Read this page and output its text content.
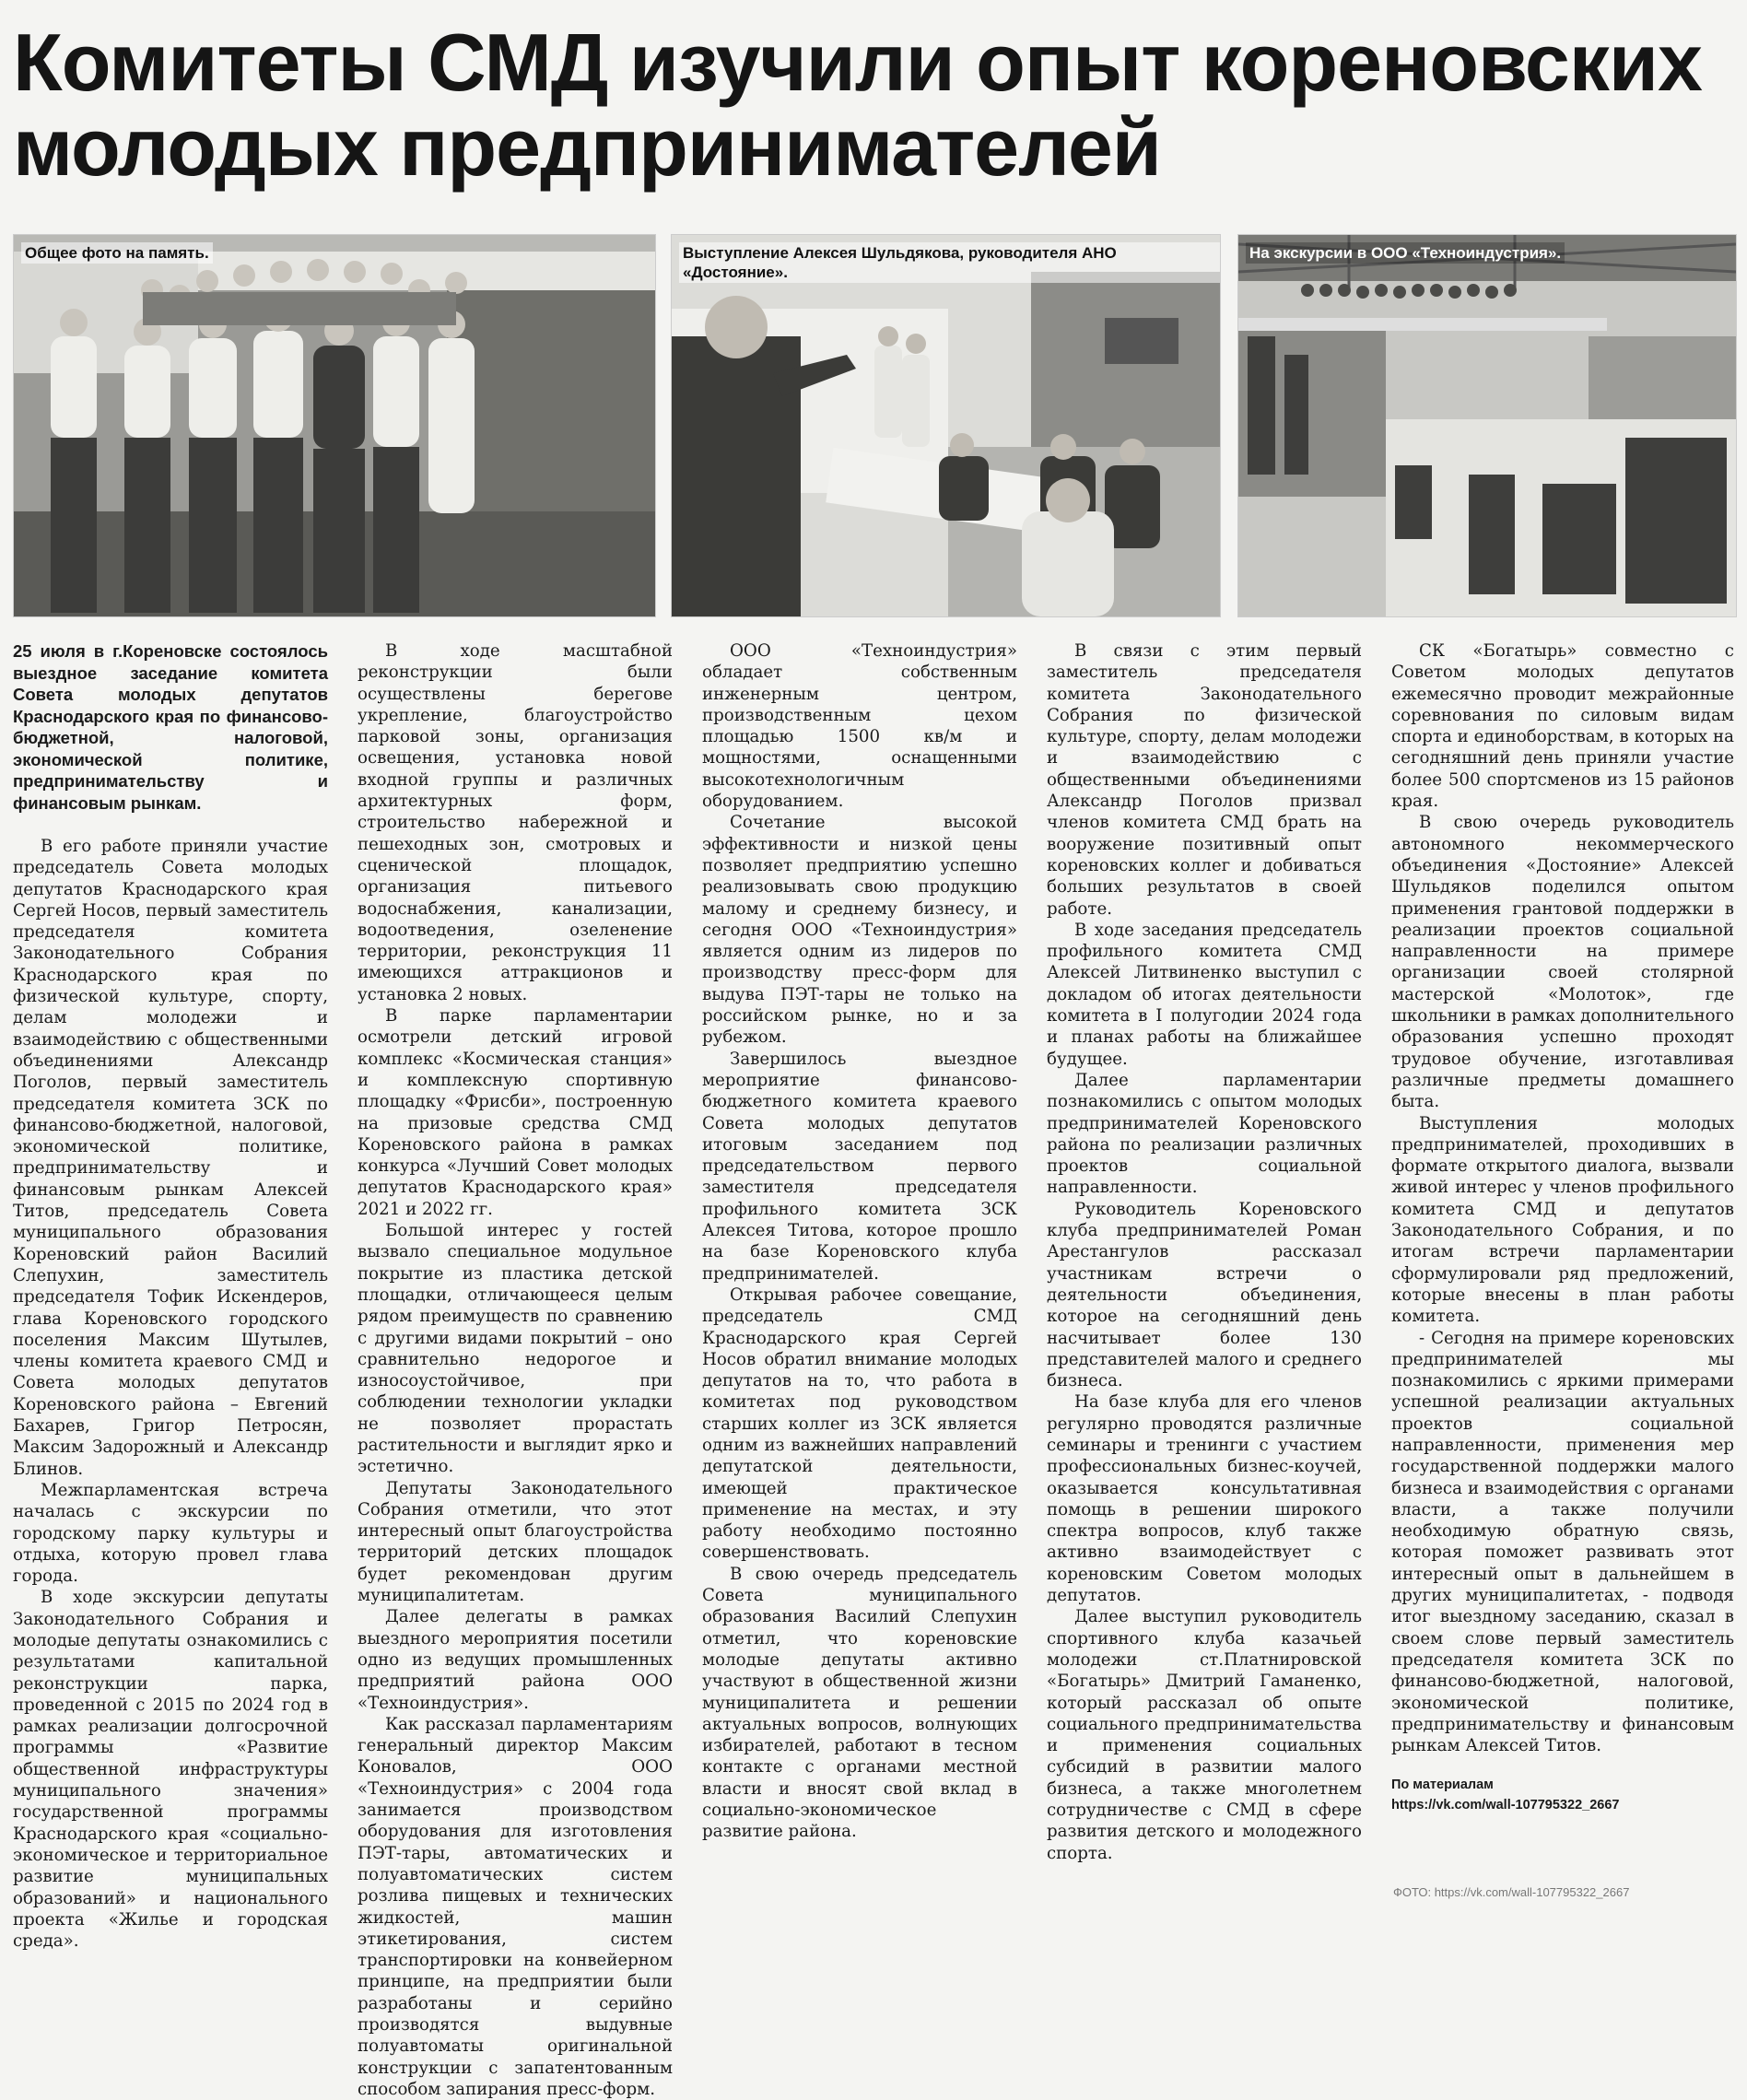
Комитеты СМД изучили опыт кореновских молодых предпринимателей
Общее фото на память.	Выступление Алексея Шульдякова, руководителя АНО «Достояние».
На экскурсии в ООО «Техноиндустрия».

25 июля в г.Кореновске состоялось выездное заседание комитета Совета молодых депутатов Краснодарского края по финансово-бюджетной, налоговой, экономической политике, предпринимательству и финансовым рынкам.

В его работе приняли участие председатель Совета молодых депутатов Краснодарского края Сергей Носов, первый заместитель председателя комитета Законодательного Собрания Краснодарского края по физической культуре, спорту, делам молодежи и взаимодействию с общественными объединениями Александр Поголов, первый заместитель председателя комитета ЗСК по финансово-бюджетной, налоговой, экономической политике, предпринимательству и финансовым рынкам Алексей Титов, председатель Совета муниципального образования Кореновский район Василий Слепухин, заместитель председателя Тофик Искендеров, глава Кореновского городского поселения Максим Шутылев, члены комитета краевого СМД и Совета молодых депутатов Кореновского района – Евгений Бахарев, Григор Петросян, Максим Задорожный и Александр Блинов.

Межпарламентская встреча началась с экскурсии по городскому парку культуры и отдыха, которую провел глава города.

В ходе экскурсии депутаты Законодательного Собрания и молодые депутаты ознакомились с результатами капитальной реконструкции парка, проведенной с 2015 по 2024 год в рамках реализации долгосрочной программы «Развитие общественной инфраструктуры муниципального значения» государственной программы Краснодарского края «социально-экономическое и территориальное развитие муниципальных образований» и национального проекта «Жилье и городская среда».

В ходе масштабной реконструкции были осуществлены берегове укрепление, благоустройство парковой зоны, организация освещения, установка новой входной группы и различных архитектурных форм, строительство набережной и пешеходных зон, смотровых и сценической площадок, организация питьевого водоснабжения, канализации, водоотведения, озеленение территории, реконструкция 11 имеющихся аттракционов и установка 2 новых.

В парке парламентарии осмотрели детский игровой комплекс «Космическая станция» и комплексную спортивную площадку «Фрисби», построенную на призовые средства СМД Кореновского района в рамках конкурса «Лучший Совет молодых депутатов Краснодарского края» 2021 и 2022 гг.

Большой интерес у гостей вызвало специальное модульное покрытие из пластика детской площадки, отличающееся целым рядом преимуществ по сравнению с другими видами покрытий – оно сравнительно недорогое и износоустойчивое, при соблюдении технологии укладки не позволяет прорастать растительности и выглядит ярко и эстетично.

Депутаты Законодательного Собрания отметили, что этот интересный опыт благоустройства территорий детских площадок будет рекомендован другим муниципалитетам.

Далее делегаты в рамках выездного мероприятия посетили одно из ведущих промышленных предприятий района ООО «Техноиндустрия».

Как рассказал парламентариям генеральный директор Максим Коновалов, ООО «Техноиндустрия» с 2004 года занимается производством оборудования для изготовления ПЭТ-тары, автоматических и полуавтоматических систем розлива пищевых и технических жидкостей, машин этикетирования, систем транспортировки на конвейерном принципе, на предприятии были разработаны и серийно производятся выдувные полуавтоматы оригинальной конструкции с запатентованным способом запирания пресс-форм.

ООО «Техноиндустрия» обладает собственным инженерным центром, производственным цехом площадью 1500 кв/м и мощностями, оснащенными высокотехнологичным оборудованием.

Сочетание высокой эффективности и низкой цены позволяет предприятию успешно реализовывать свою продукцию малому и среднему бизнесу, и сегодня ООО «Техноиндустрия» является одним из лидеров по производству пресс-форм для выдува ПЭТ-тары не только на российском рынке, но и за рубежом.

Завершилось выездное мероприятие финансово-бюджетного комитета краевого Совета молодых депутатов итоговым заседанием под председательством первого заместителя председателя профильного комитета ЗСК Алексея Титова, которое прошло на базе Кореновского клуба предпринимателей.

Открывая рабочее совещание, председатель СМД Краснодарского края Сергей Носов обратил внимание молодых депутатов на то, что работа в комитетах под руководством старших коллег из ЗСК является одним из важнейших направлений депутатской деятельности, имеющей практическое применение на местах, и эту работу необходимо постоянно совершенствовать.

В свою очередь председатель Совета муниципального образования Василий Слепухин отметил, что кореновские молодые депутаты активно участвуют в общественной жизни муниципалитета и решении актуальных вопросов, волнующих избирателей, работают в тесном контакте с органами местной власти и вносят свой вклад в социально-экономическое развитие района.

В связи с этим первый заместитель председателя комитета Законодательного Собрания по физической культуре, спорту, делам молодежи и взаимодействию с общественными объединениями Александр Поголов призвал членов комитета СМД брать на вооружение позитивный опыт кореновских коллег и добиваться больших результатов в своей работе.

В ходе заседания председатель профильного комитета СМД Алексей Литвиненко выступил с докладом об итогах деятельности комитета в I полугодии 2024 года и планах работы на ближайшее будущее.

Далее парламентарии познакомились с опытом молодых предпринимателей Кореновского района по реализации различных проектов социальной направленности.

Руководитель Кореновского клуба предпринимателей Роман Арестангулов рассказал участникам встречи о деятельности объединения, которое на сегодняшний день насчитывает более 130 представителей малого и среднего бизнеса.

На базе клуба для его членов регулярно проводятся различные семинары и тренинги с участием профессиональных бизнес-коучей, оказывается консультативная помощь в решении широкого спектра вопросов, клуб также активно взаимодействует с кореновским Советом молодых депутатов.

Далее выступил руководитель спортивного клуба казачьей молодежи ст.Платнировской «Богатырь» Дмитрий Гаманенко, который рассказал об опыте социального предпринимательства и применения социальных субсидий в развитии малого бизнеса, а также многолетнем сотрудничестве с СМД в сфере развития детского и молодежного спорта.

СК «Богатырь» совместно с Советом молодых депутатов ежемесячно проводит межрайонные соревнования по силовым видам спорта и единоборствам, в которых на сегодняшний день приняли участие более 500 спортсменов из 15 районов края.

В свою очередь руководитель автономного некоммерческого объединения «Достояние» Алексей Шульдяков поделился опытом применения грантовой поддержки в реализации проектов социальной направленности на примере организации своей столярной мастерской «Молоток», где школьники в рамках дополнительного образования успешно проходят трудовое обучение, изготавливая различные предметы домашнего быта.

Выступления молодых предпринимателей, проходивших в формате открытого диалога, вызвали живой интерес у членов профильного комитета СМД и депутатов Законодательного Собрания, и по итогам встречи парламентарии сформулировали ряд предложений, которые внесены в план работы комитета.

- Сегодня на примере кореновских предпринимателей мы познакомились с яркими примерами успешной реализации актуальных проектов социальной направленности, применения мер государственной поддержки малого бизнеса и взаимодействия с органами власти, а также получили необходимую обратную связь, которая поможет развивать этот интересный опыт в дальнейшем в других муниципалитетах, - подводя итог выездному заседанию, сказал в своем слове первый заместитель председателя комитета ЗСК по финансово-бюджетной, налоговой, экономической политике, предпринимательству и финансовым рынкам Алексей Титов.

По материалам

https://vk.com/wall-107795322_2667

ФОТО: https://vk.com/wall-107795322_2667
